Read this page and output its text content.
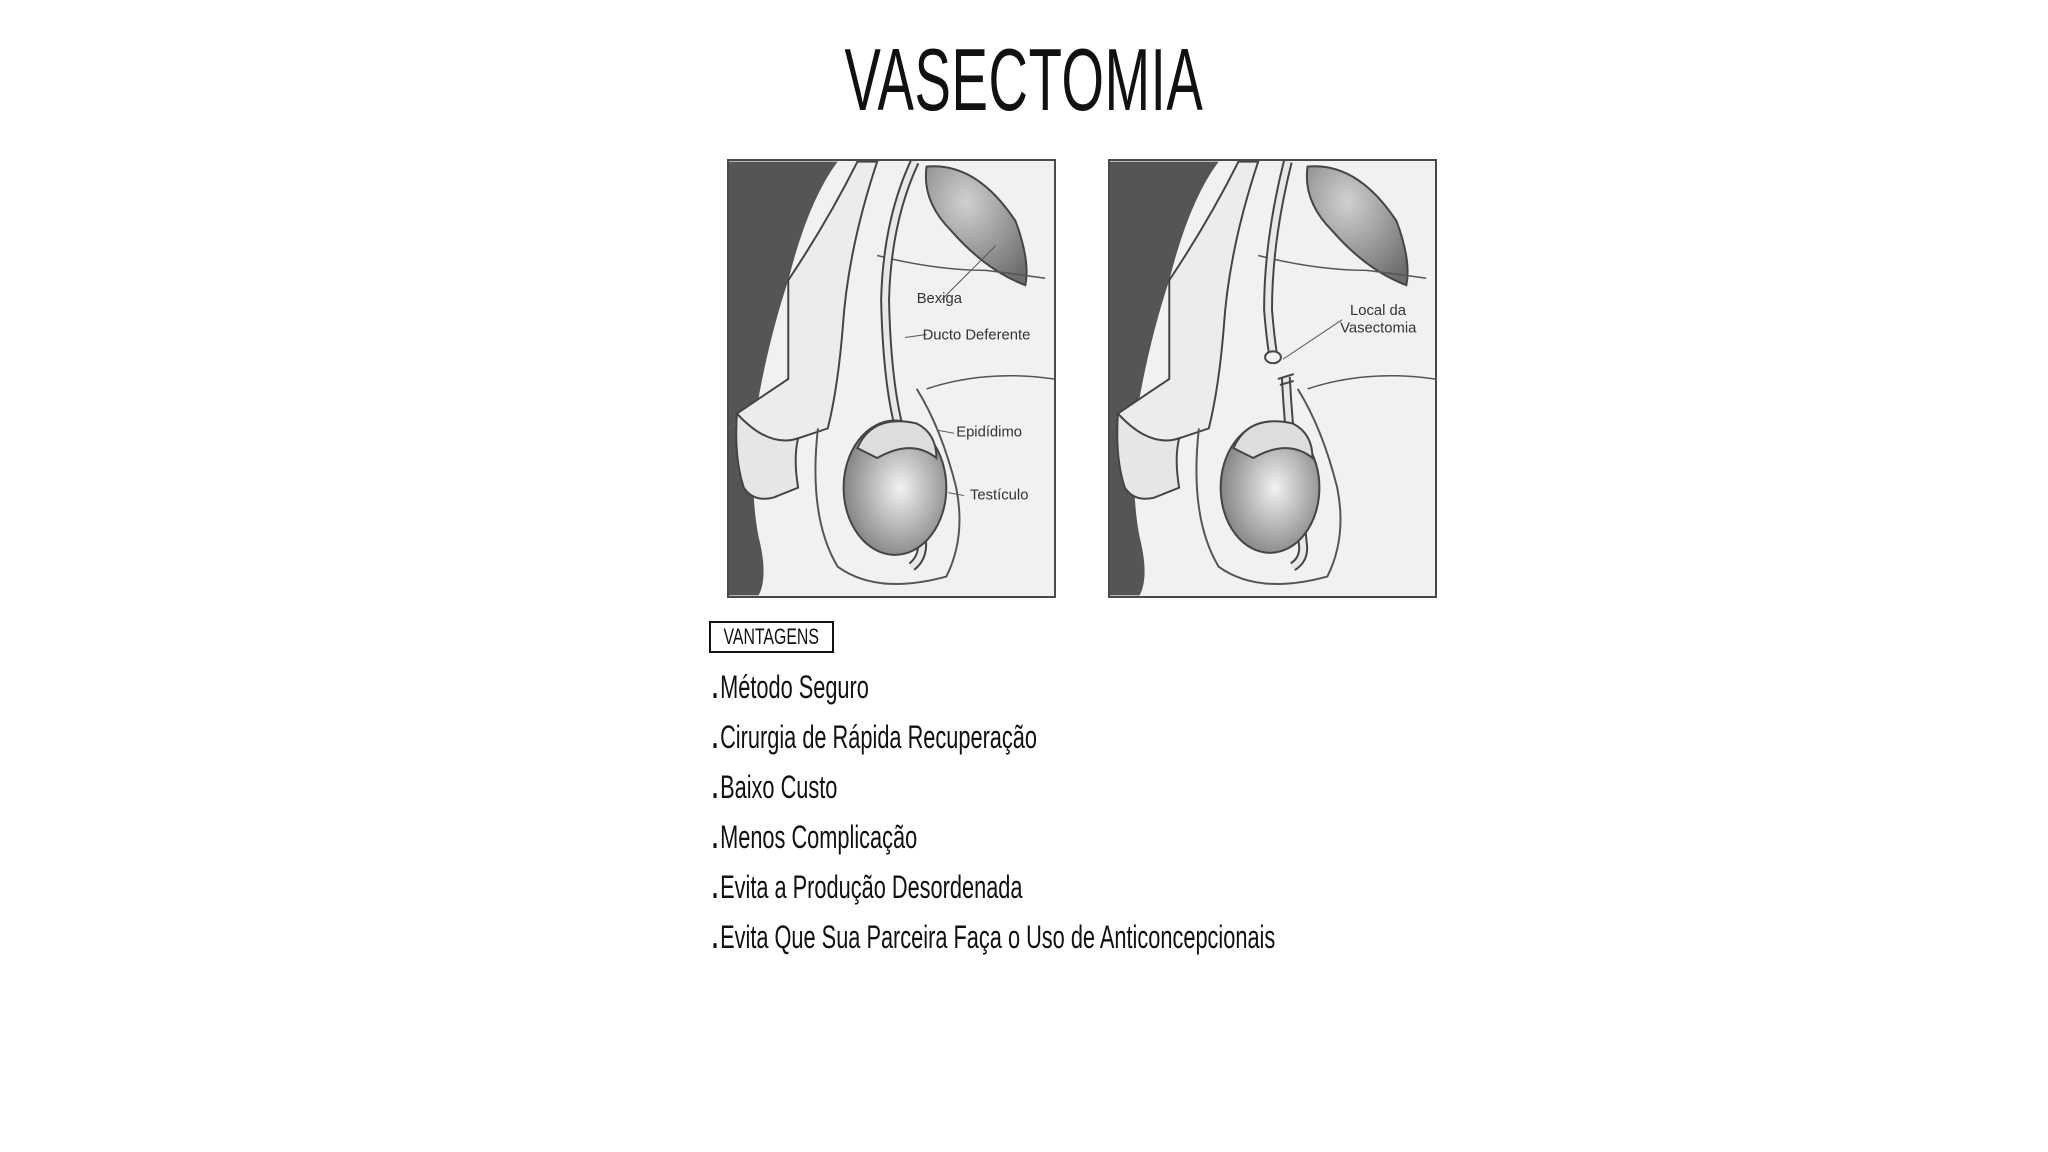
VASECTOMIA
Bexiga
Ducto Deferente
Epidídimo
Testículo
Local da
Vasectomia
VANTAGENS
.Método Seguro
.Cirurgia de Rápida Recuperação
.Baixo Custo
.Menos Complicação
.Evita a Produção Desordenada
.Evita Que Sua Parceira Faça o Uso de Anticoncepcionais
